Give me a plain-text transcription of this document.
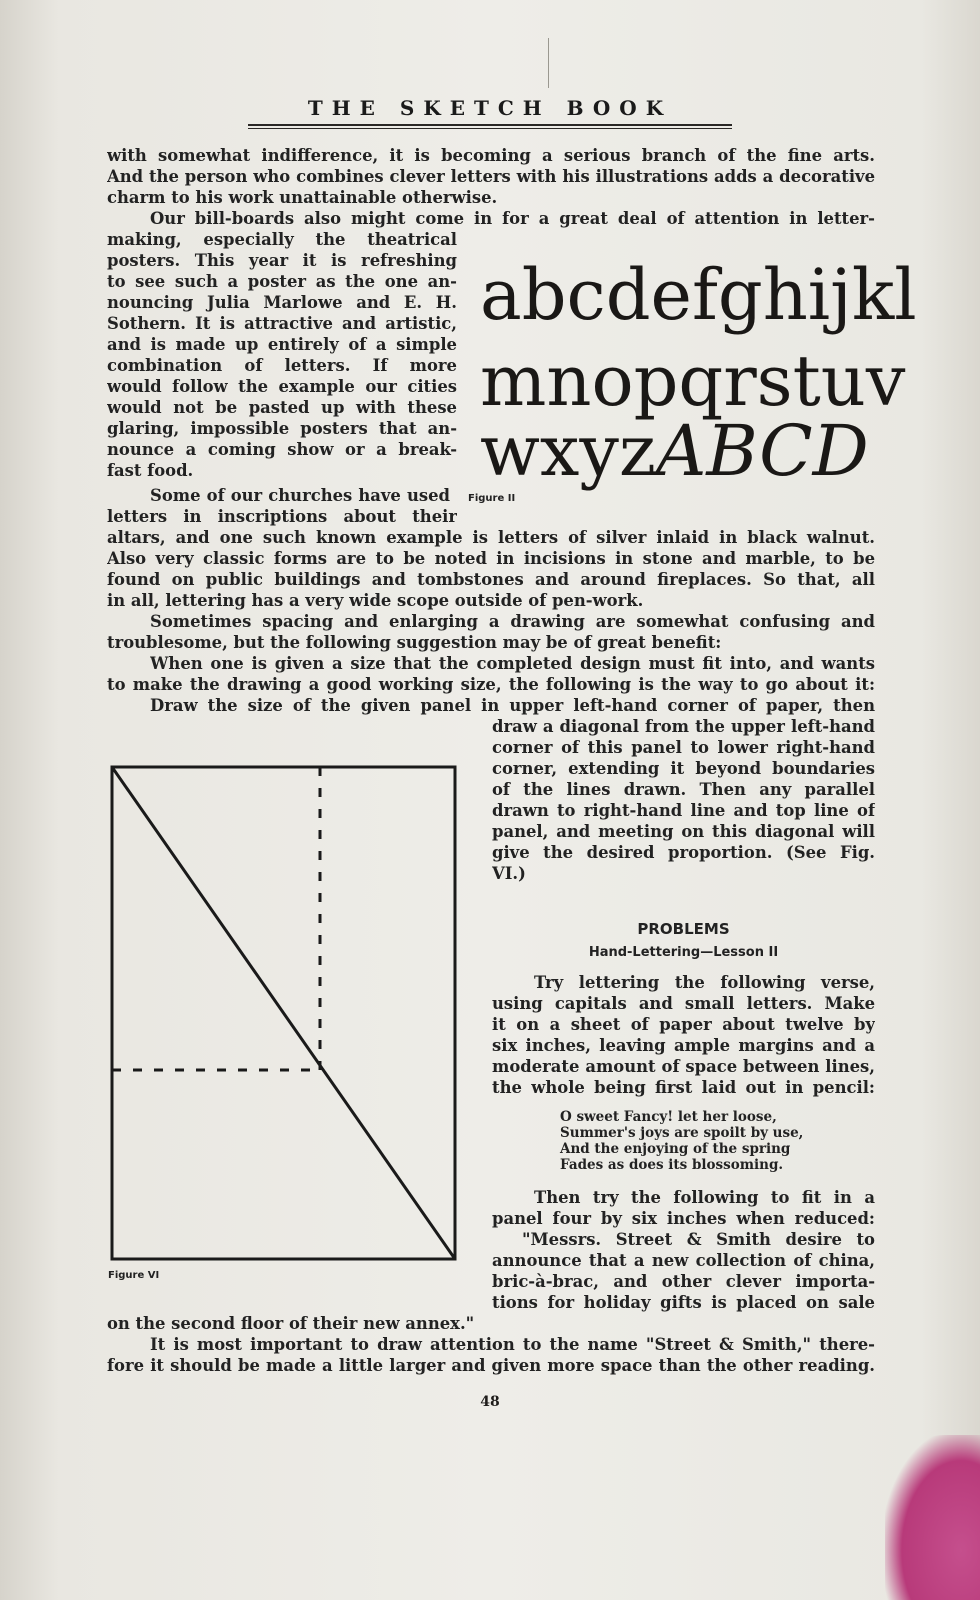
THE SKETCH BOOK
with somewhat indifference, it is becoming a serious branch of the fine arts.
And the person who combines clever letters with his illustrations adds a decorative
charm to his work unattainable otherwise.
Our bill-boards also might come in for a great deal of attention in letter-
making, especially the theatrical
posters. This year it is refreshing
to see such a poster as the one an-
nouncing Julia Marlowe and E. H.
Sothern. It is attractive and artistic,
and is made up entirely of a simple
combination of letters. If more
would follow the example our cities
would not be pasted up with these
glaring, impossible posters that an-
nounce a coming show or a break-
fast food.
abcdefghijkl
mnopqrstuv
wxyzABCD
Figure II
Some of our churches have used
letters in inscriptions about their
altars, and one such known example is letters of silver inlaid in black walnut.
Also very classic forms are to be noted in incisions in stone and marble, to be
found on public buildings and tombstones and around fireplaces. So that, all
in all, lettering has a very wide scope outside of pen-work.
Sometimes spacing and enlarging a drawing are somewhat confusing and
troublesome, but the following suggestion may be of great benefit:
When one is given a size that the completed design must fit into, and wants
to make the drawing a good working size, the following is the way to go about it:
Draw the size of the given panel in upper left-hand corner of paper, then
draw a diagonal from the upper left-hand
corner of this panel to lower right-hand
corner, extending it beyond boundaries
of the lines drawn. Then any parallel
drawn to right-hand line and top line of
panel, and meeting on this diagonal will
give the desired proportion. (See Fig.
VI.)
Figure VI
PROBLEMS
Hand-Lettering—Lesson II
Try lettering the following verse,
using capitals and small letters. Make
it on a sheet of paper about twelve by
six inches, leaving ample margins and a
moderate amount of space between lines,
the whole being first laid out in pencil:
O sweet Fancy! let her loose,
Summer's joys are spoilt by use,
And the enjoying of the spring
Fades as does its blossoming.
Then try the following to fit in a
panel four by six inches when reduced:
"Messrs. Street & Smith desire to
announce that a new collection of china,
bric-à-brac, and other clever importa-
tions for holiday gifts is placed on sale
on the second floor of their new annex."
It is most important to draw attention to the name "Street & Smith," there-
fore it should be made a little larger and given more space than the other reading.
48
